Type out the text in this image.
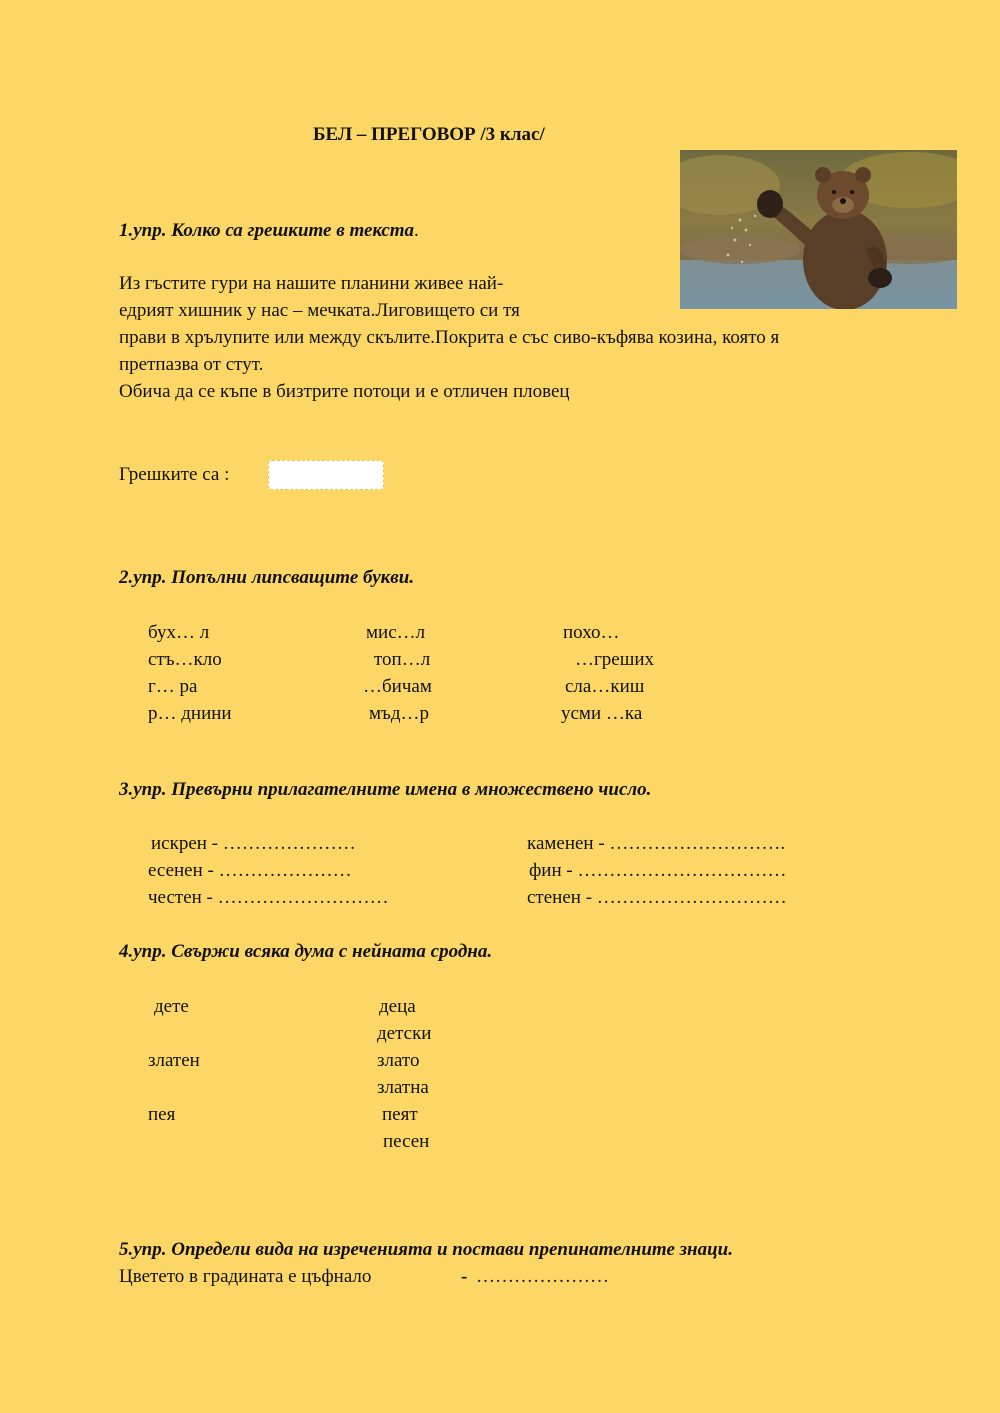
БЕЛ – ПРЕГОВОР /3 клас/
1.упр. Колко са грешките в текста.
Из гъстите гури на нашите планини живее най-
едрият хишник у нас – мечката.Лиговището си тя
прави в хрълупите или между скълите.Покрита е със сиво-къфява козина, която я
претпазва от стут.
Обича да се къпе в бизтрите потоци и е отличен пловец
Грешките са :
2.упр. Попълни липсващите букви.
бух… л
стъ…кло
г… ра
р… днини
мис…л
топ…л
…бичам
мъд…р
похо…
…греших
сла…киш
усми …ка
3.упр. Превърни прилагателните имена в множествено число.
искрен - …………………
есенен - …………………
честен - ………………………
каменен - ……………………….
фин - ……………………………
стенен - …………………………
4.упр. Свържи всяка дума с нейната сродна.
дете
златен
пея
деца
детски
злато
златна
пеят
песен
5.упр. Определи вида на изреченията и постави препинателните знаци.
Цветето в градината е цъфнало	- …………………
